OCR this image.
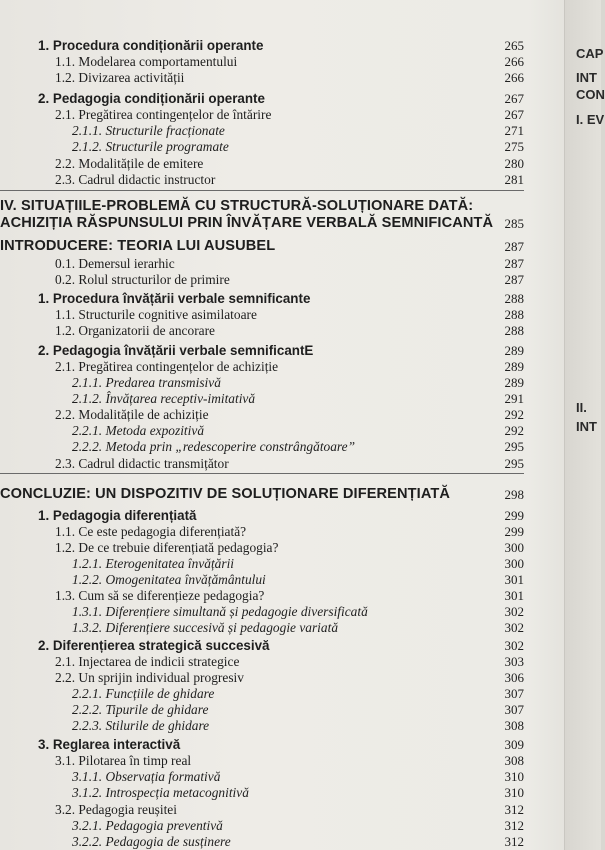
1. Procedura condiționării operante	265
1.1. Modelarea comportamentului	266
1.2. Divizarea activității	266
2. Pedagogia condiționării operante	267
2.1. Pregătirea contingențelor de întărire	267
2.1.1. Structurile fracționate	271
2.1.2. Structurile programate	275
2.2. Modalitățile de emitere	280
2.3. Cadrul didactic instructor	281
IV. SITUAȚIILE-PROBLEMĂ CU STRUCTURĂ-SOLUȚIONARE DATĂ:
ACHIZIȚIA RĂSPUNSULUI PRIN ÎNVĂȚARE VERBALĂ SEMNIFICANTĂ 285
INTRODUCERE: TEORIA LUI AUSUBEL	287
0.1. Demersul ierarhic	287
0.2. Rolul structurilor de primire	287
1. Procedura învățării verbale semnificante	288
1.1. Structurile cognitive asimilatoare	288
1.2. Organizatorii de ancorare	288
2. Pedagogia învățării verbale semnificantE	289
2.1. Pregătirea contingențelor de achiziție	289
2.1.1. Predarea transmisivă	289
2.1.2. Învățarea receptiv-imitativă	291
2.2. Modalitățile de achiziție	292
2.2.1. Metoda expozitivă	292
2.2.2. Metoda prin „redescoperire constrângătoare”	295
2.3. Cadrul didactic transmițător	295
CONCLUZIE: UN DISPOZITIV DE SOLUȚIONARE DIFERENȚIATĂ	298
1. Pedagogia diferențiată	299
1.1. Ce este pedagogia diferențiată?	299
1.2. De ce trebuie diferențiată pedagogia?	300
1.2.1. Eterogenitatea învățării	300
1.2.2. Omogenitatea învățământului	301
1.3. Cum să se diferențieze pedagogia?	301
1.3.1. Diferențiere simultană și pedagogie diversificată	302
1.3.2. Diferențiere succesivă și pedagogie variată	302
2. Diferențierea strategică succesivă	302
2.1. Injectarea de indicii strategice	303
2.2. Un sprijin individual progresiv	306
2.2.1. Funcțiile de ghidare	307
2.2.2. Tipurile de ghidare	307
2.2.3. Stilurile de ghidare	308
3. Reglarea interactivă	309
3.1. Pilotarea în timp real	308
3.1.1. Observația formativă	310
3.1.2. Introspecția metacognitivă	310
3.2. Pedagogia reușitei	312
3.2.1. Pedagogia preventivă	312
3.2.2. Pedagogia de susținere	312
CAP
INT
CON
I. EV
II.
INT
